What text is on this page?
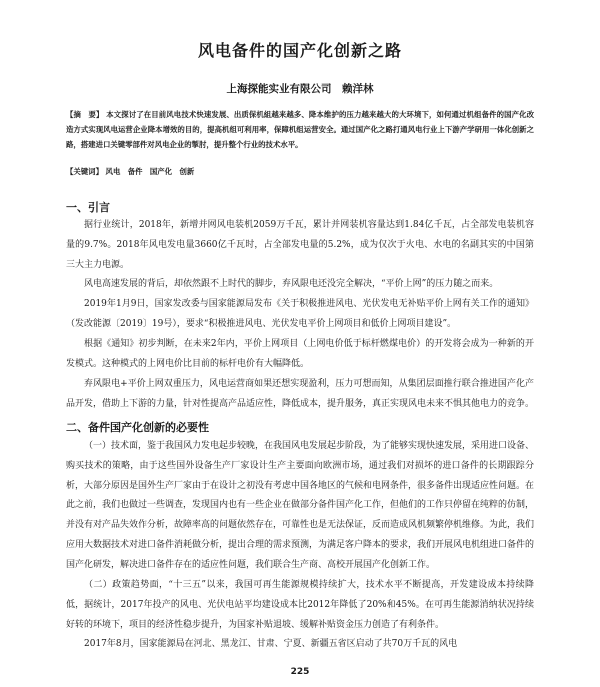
风电备件的国产化创新之路
上海探能实业有限公司　赖洋林
【摘　要】 本文探讨了在目前风电技术快速发展、出质保机組越来越多、降本维护的压力越来越大的大环境下，如何通过机组备件的国产化改造方式实现风电运营企业降本增效的目的，提高机组可利用率，保障机组运营安全。通过国产化之路打通风电行业上下游产学研用一体化创新之路，搭建进口关键零部件对风电企业的掣肘，提升整个行业的技术水平。
【关键词】 风电　备件　国产化　创新
一、引言

据行业统计，2018年，新增并网风电装机2059万千瓦，累计并网装机容量达到1.84亿千瓦，占全部发电装机容量的9.7%。2018年风电发电量3660亿千瓦时，占全部发电量的5.2%，成为仅次于火电、水电的名副其实的中国第三大主力电源。

风电高速发展的背后，却依然跟不上时代的脚步，弃风限电还没完全解决，“平价上网”的压力随之而来。

2019年1月9日，国家发改委与国家能源局发布《关于积极推进风电、光伏发电无补贴平价上网有关工作的通知》（发改能源〔2019〕19号），要求“积极推进风电、光伏发电平价上网项目和低价上网项目建设”。

根据《通知》初步判断，在未来2年内，平价上网项目（上网电价低于标杆燃煤电价）的开发将会成为一种新的开发模式。这种模式的上网电价比目前的标杆电价有大幅降低。

弃风限电+平价上网双重压力，风电运营商如果还想实现盈利，压力可想而知，从集团层面推行联合推进国产化产品开发，借助上下游的力量，针对性提高产品适应性，降低成本，提升服务，真正实现风电未来不惧其他电力的竞争。

二、备件国产化创新的必要性

（一）技术面，鉴于我国风力发电起步较晚，在我国风电发展起步阶段，为了能够实现快速发展，采用进口设备、购买技术的策略，由于这些国外设备生产厂家设计生产主要面向欧洲市场，通过我们对损坏的进口备件的长期跟踪分析，大部分原因是国外生产厂家由于在设计之初没有考虑中国各地区的气候和电网条件，很多备件出现适应性问题。在此之前，我们也做过一些调查，发现国内也有一些企业在做部分备件国产化工作，但他们的工作只停留在纯粹的仿制，并没有对产品失效作分析，故障率高的问题依然存在，可靠性也是无法保证，反而造成风机频繁停机维修。为此，我们应用大数据技术对进口备件消耗做分析，提出合理的需求预测，为满足客户降本的要求，我们开展风电机组进口备件的国产化研发，解决进口备件存在的适应性问题，我们联合生产商、高校开展国产化创新工作。

（二）政策趋势面，“十三五”以来，我国可再生能源规模持续扩大，技术水平不断提高，开发建设成本持续降低，据统计，2017年投产的风电、光伏电站平均建设成本比2012年降低了20%和45%。在可再生能源消纳状况持续好转的环境下，项目的经济性稳步提升，为国家补贴退坡、缓解补贴资金压力创造了有利条件。

2017年8月，国家能源局在河北、黑龙江、甘肃、宁夏、新疆五省区启动了共70万千瓦的风电

225
